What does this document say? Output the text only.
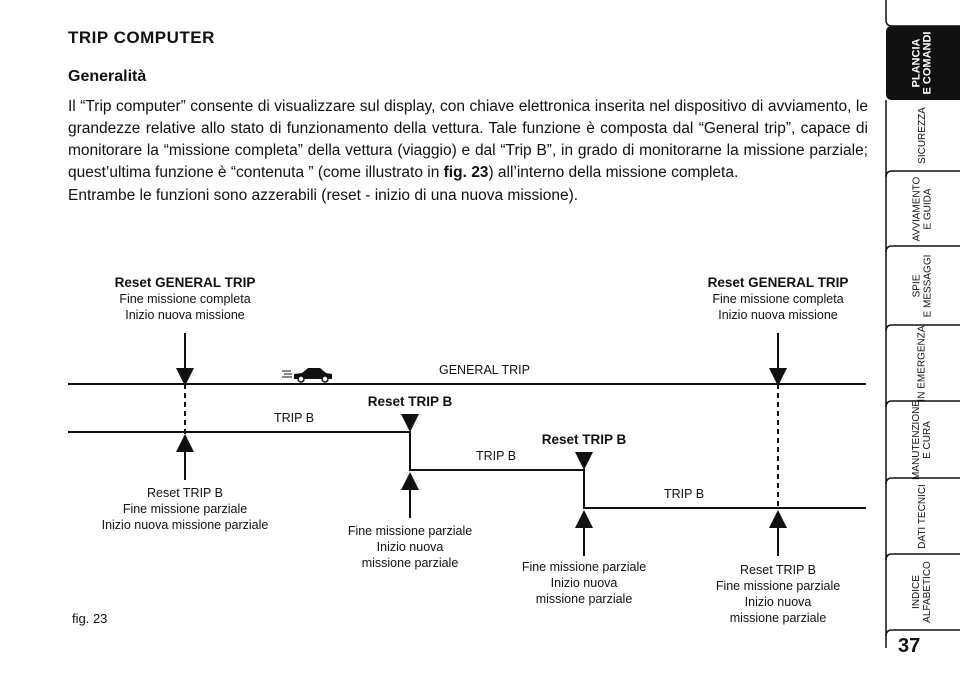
TRIP COMPUTER
Generalità
Il “Trip computer” consente di visualizzare sul display, con chiave elettronica inserita nel dispositivo di avviamento, le grandezze relative allo stato di funzionamento della vettura. Tale funzione è composta dal “General trip”, capace di monitorare la “missione completa” della vettura (viaggio) e dal “Trip B”, in grado di monitorarne la missione parziale; quest’ultima funzione è “contenuta ” (come illustrato in fig. 23) all’interno della missione completa.
Entrambe le funzioni sono azzerabili (reset - inizio di una nuova missione).
GENERAL TRIP
TRIP B
TRIP B
TRIP B
Reset GENERAL TRIP
Fine missione completa
Inizio nuova missione
Reset GENERAL TRIP
Fine missione completa
Inizio nuova missione
Reset TRIP B
Reset TRIP B
Reset TRIP B
Fine missione parziale
Inizio nuova missione parziale	Fine missione parziale
Inizio nuova
missione parziale	Fine missione parziale
Inizio nuova
missione parziale
Reset TRIP B
Fine missione parziale
Inizio nuova
missione parziale
fig. 23
PLANCIA
E COMANDI
SICUREZZA
AVVIAMENTO
E GUIDA
SPIE
E MESSAGGI
IN EMERGENZA
MANUTENZIONE
E CURA
DATI TECNICI
INDICE
ALFABETICO
37
